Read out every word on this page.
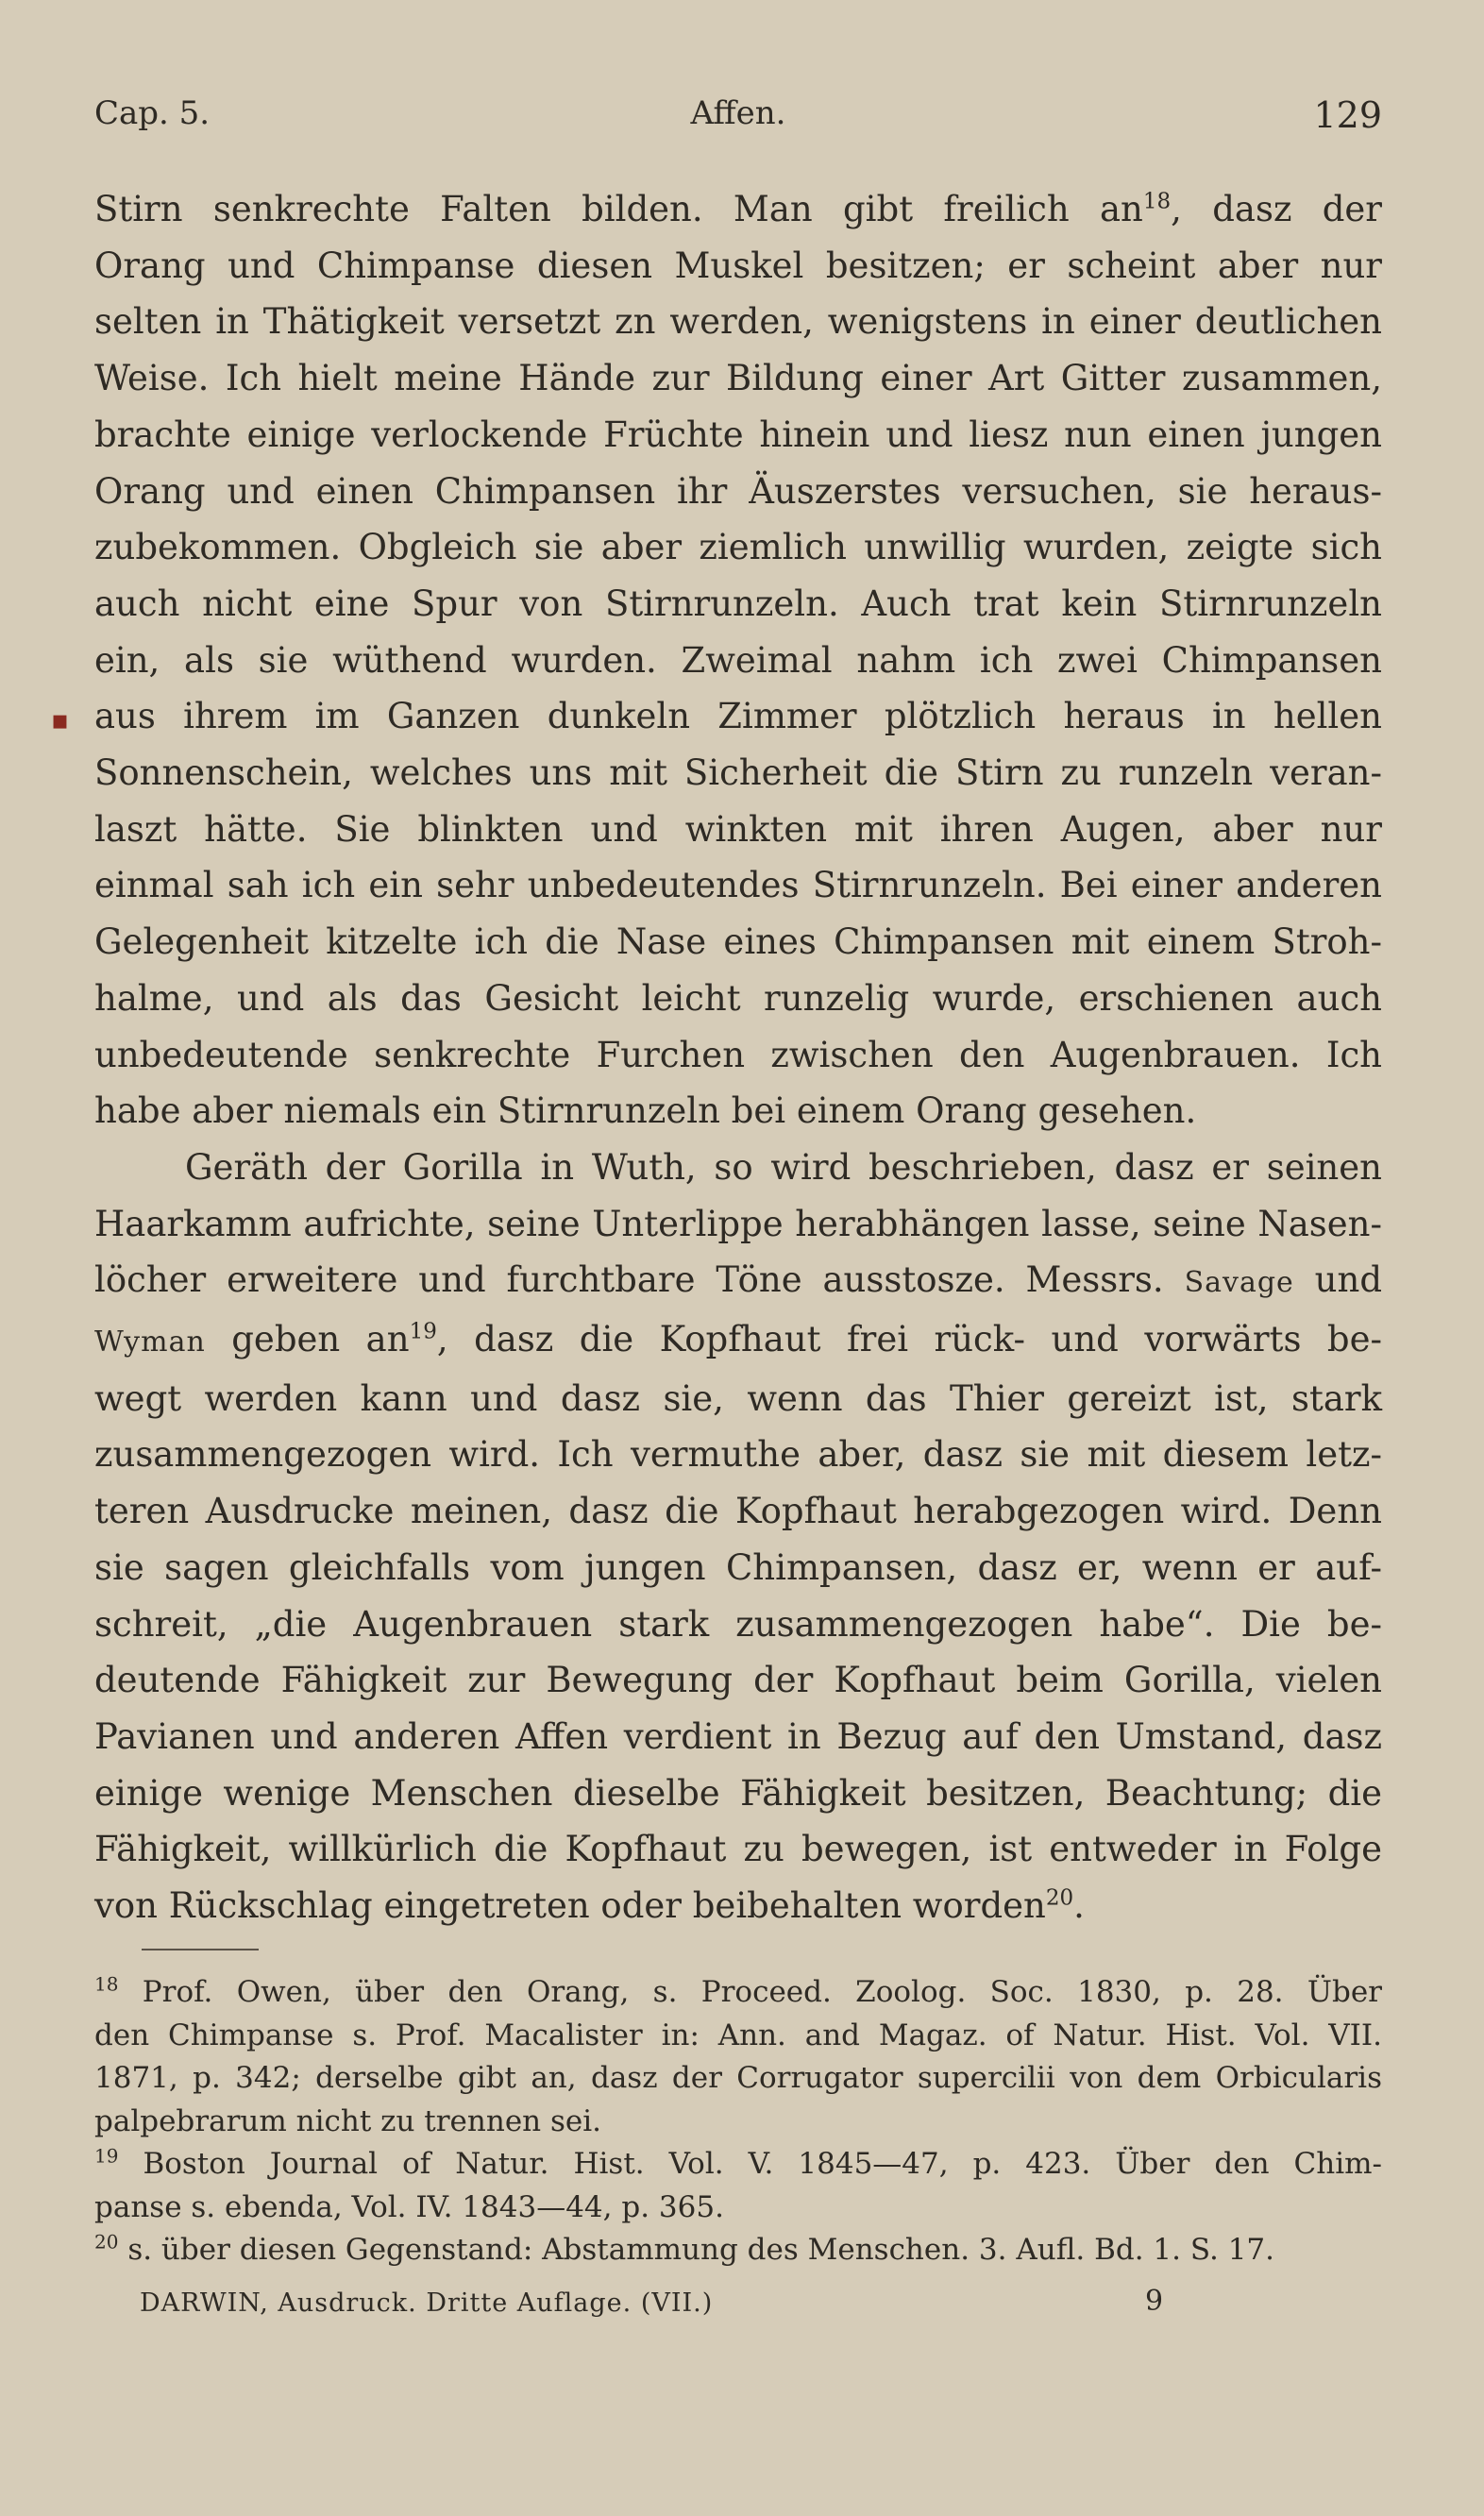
Cap. 5.	Affen.	129
▪
Stirn senkrechte Falten bilden. Man gibt freilich $an^{18}$, dasz der
Orang und Chimpanse diesen Muskel besitzen; er scheint aber nur
selten in Thätigkeit versetzt zn werden, wenigstens in einer deutlichen
Weise. Ich hielt meine Hände zur Bildung einer Art Gitter zusammen,
brachte einige verlockende Früchte hinein und liesz nun einen jungen
Orang und einen Chimpansen ihr Äuszerstes versuchen, sie heraus-
zubekommen. Obgleich sie aber ziemlich unwillig wurden, zeigte sich
auch nicht eine Spur von Stirnrunzeln. Auch trat kein Stirnrunzeln
ein, als sie wüthend wurden. Zweimal nahm ich zwei Chimpansen
aus ihrem im Ganzen dunkeln Zimmer plötzlich heraus in hellen
Sonnenschein, welches uns mit Sicherheit die Stirn zu runzeln veran-
laszt hätte. Sie blinkten und winkten mit ihren Augen, aber nur
einmal sah ich ein sehr unbedeutendes Stirnrunzeln. Bei einer anderen
Gelegenheit kitzelte ich die Nase eines Chimpansen mit einem Stroh-
halme, und als das Gesicht leicht runzelig wurde, erschienen auch
unbedeutende senkrechte Furchen zwischen den Augenbrauen. Ich
habe aber niemals ein Stirnrunzeln bei einem Orang gesehen.
Geräth der Gorilla in Wuth, so wird beschrieben, dasz er seinen
Haarkamm aufrichte, seine Unterlippe herabhängen lasse, seine Nasen-
löcher erweitere und furchtbare Töne ausstosze. Messrs. Savage und
Wyman geben $an^{19}$, dasz die Kopfhaut frei rück- und vorwärts be-
wegt werden kann und dasz sie, wenn das Thier gereizt ist, stark
zusammengezogen wird. Ich vermuthe aber, dasz sie mit diesem letz-
teren Ausdrucke meinen, dasz die Kopfhaut herabgezogen wird. Denn
sie sagen gleichfalls vom jungen Chimpansen, dasz er, wenn er auf-
schreit, „die Augenbrauen stark zusammengezogen habe“. Die be-
deutende Fähigkeit zur Bewegung der Kopfhaut beim Gorilla, vielen
Pavianen und anderen Affen verdient in Bezug auf den Umstand, dasz
einige wenige Menschen dieselbe Fähigkeit besitzen, Beachtung; die
Fähigkeit, willkürlich die Kopfhaut zu bewegen, ist entweder in Folge
von Rückschlag eingetreten oder beibehalten worden$^{20}$.
$^{18}$ Prof. Owen, über den Orang, s. Proceed. Zoolog. Soc. 1830, p. 28. Über
den Chimpanse s. Prof. Macalister in: Ann. and Magaz. of Natur. Hist. Vol. VII.
1871, p. 342; derselbe gibt an, dasz der Corrugator supercilii von dem Orbicularis
palpebrarum nicht zu trennen sei.
$^{19}$ Boston Journal of Natur. Hist. Vol. V. 1845—47, p. 423. Über den Chim-
panse s. ebenda, Vol. IV. 1843—44, p. 365.
$^{20}$ s. über diesen Gegenstand: Abstammung des Menschen. 3. Aufl. Bd. 1. S. 17.
DARWIN, Ausdruck. Dritte Auflage. (VII.)	9
